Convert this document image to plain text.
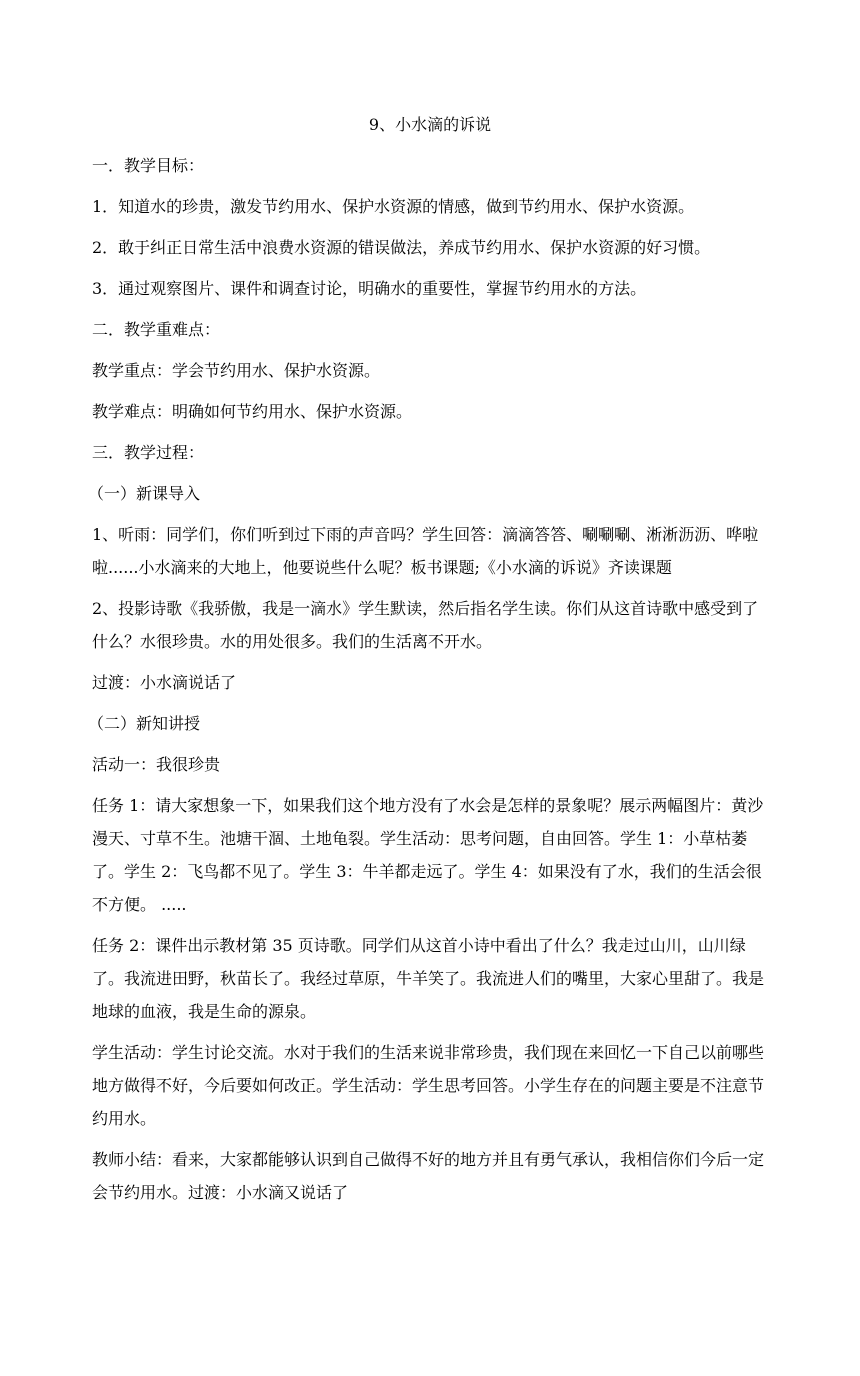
9、小水滴的诉说

一．教学目标：

1．知道水的珍贵，激发节约用水、保护水资源的情感，做到节约用水、保护水资源。

2．敢于纠正日常生活中浪费水资源的错误做法，养成节约用水、保护水资源的好习惯。

3．通过观察图片、课件和调查讨论，明确水的重要性，掌握节约用水的方法。

二．教学重难点：

教学重点：学会节约用水、保护水资源。

教学难点：明确如何节约用水、保护水资源。

三．教学过程：

（一）新课导入

1、听雨：同学们，你们听到过下雨的声音吗？学生回答：滴滴答答、唰唰唰、淅淅沥沥、哗啦啦......小水滴来的大地上，他要说些什么呢？板书课题;《小水滴的诉说》齐读课题

2、投影诗歌《我骄傲，我是一滴水》学生默读，然后指名学生读。你们从这首诗歌中感受到了什么？水很珍贵。水的用处很多。我们的生活离不开水。

过渡：小水滴说话了

（二）新知讲授

活动一：我很珍贵

任务 1：请大家想象一下，如果我们这个地方没有了水会是怎样的景象呢？展示两幅图片：黄沙漫天、寸草不生。池塘干涸、土地龟裂。学生活动：思考问题，自由回答。学生 1：小草枯萎了。学生 2：飞鸟都不见了。学生 3：牛羊都走远了。学生 4：如果没有了水，我们的生活会很不方便。 .....

任务 2：课件出示教材第 35 页诗歌。同学们从这首小诗中看出了什么？我走过山川，山川绿了。我流进田野，秋苗长了。我经过草原，牛羊笑了。我流进人们的嘴里，大家心里甜了。我是地球的血液，我是生命的源泉。

学生活动：学生讨论交流。水对于我们的生活来说非常珍贵，我们现在来回忆一下自己以前哪些地方做得不好，今后要如何改正。学生活动：学生思考回答。小学生存在的问题主要是不注意节约用水。

教师小结：看来，大家都能够认识到自己做得不好的地方并且有勇气承认，我相信你们今后一定会节约用水。过渡：小水滴又说话了
